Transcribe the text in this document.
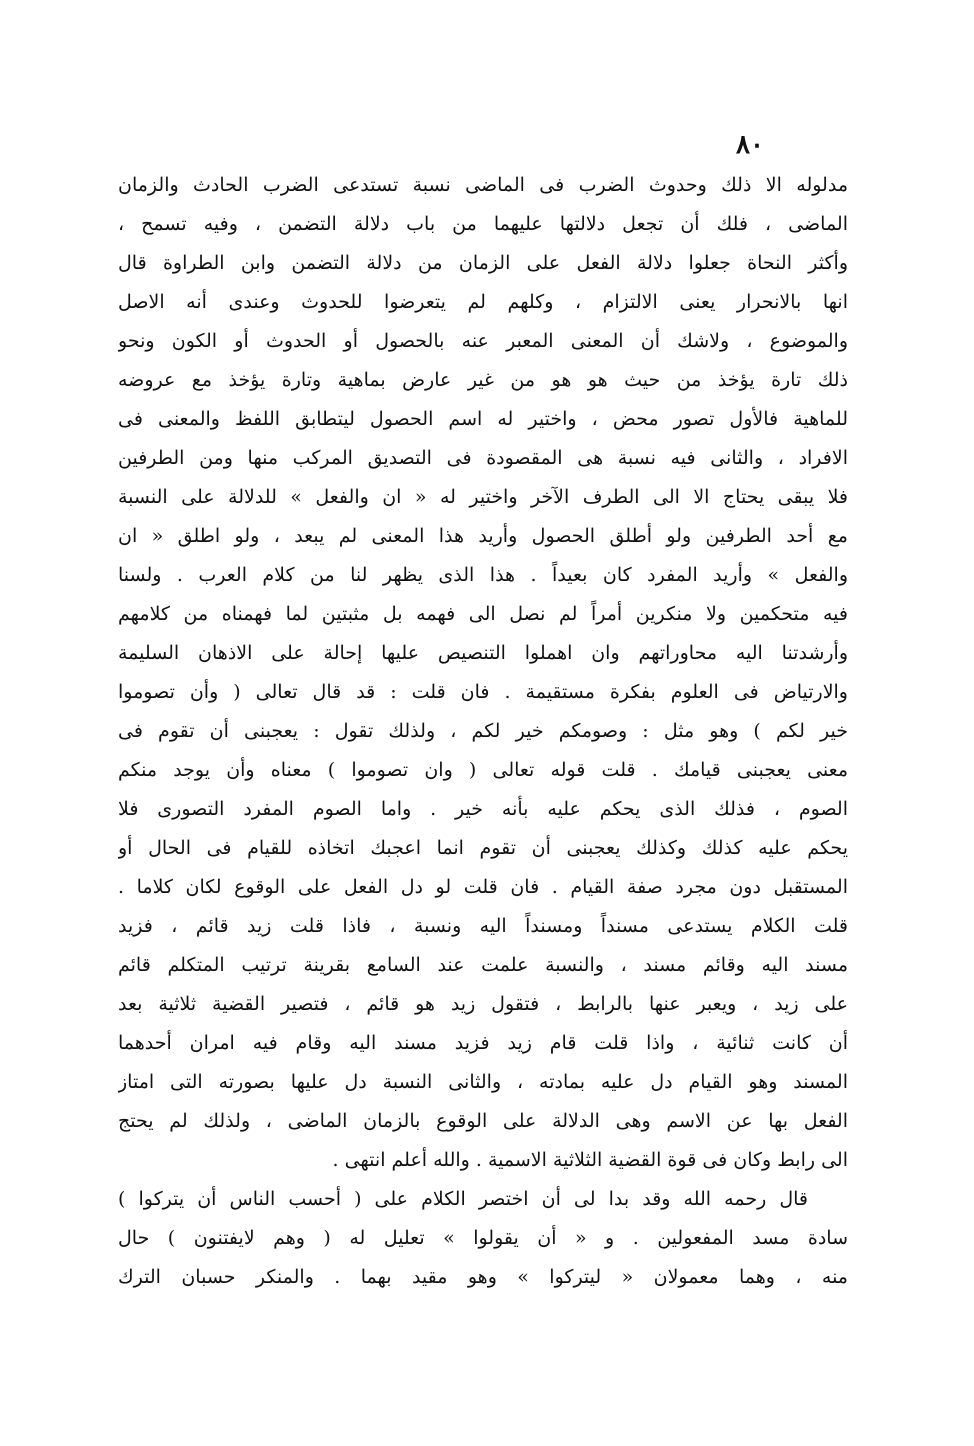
٨٠
مدلوله الا ذلك وحدوث الضرب فى الماضى نسبة تستدعى الضرب الحادث والزمان
الماضى ، فلك أن تجعل دلالتها عليهما من باب دلالة التضمن ، وفيه تسمح ،
وأكثر النحاة جعلوا دلالة الفعل على الزمان من دلالة التضمن وابن الطراوة قال
انها بالانحرار يعنى الالتزام ، وكلهم لم يتعرضوا للحدوث وعندى أنه الاصل
والموضوع ، ولاشك أن المعنى المعبر عنه بالحصول أو الحدوث أو الكون ونحو
ذلك تارة يؤخذ من حيث هو هو من غير عارض بماهية وتارة يؤخذ مع عروضه
للماهية فالأول تصور محض ، واختير له اسم الحصول ليتطابق اللفظ والمعنى فى
الافراد ، والثانى فيه نسبة هى المقصودة فى التصديق المركب منها ومن الطرفين
فلا يبقى يحتاج الا الى الطرف الآخر واختير له « ان والفعل » للدلالة على النسبة
مع أحد الطرفين ولو أطلق الحصول وأريد هذا المعنى لم يبعد ، ولو اطلق « ان
والفعل » وأريد المفرد كان بعيداً . هذا الذى يظهر لنا من كلام العرب . ولسنا
فيه متحكمين ولا منكرين أمراً لم نصل الى فهمه بل مثبتين لما فهمناه من كلامهم
وأرشدتنا اليه محاوراتهم وان اهملوا التنصيص عليها إحالة على الاذهان السليمة
والارتياض فى العلوم بفكرة مستقيمة . فان قلت : قد قال تعالى ( وأن تصوموا
خير لكم ) وهو مثل : وصومكم خير لكم ، ولذلك تقول : يعجبنى أن تقوم فى
معنى يعجبنى قيامك . قلت قوله تعالى ( وان تصوموا ) معناه وأن يوجد منكم
الصوم ، فذلك الذى يحكم عليه بأنه خير . واما الصوم المفرد التصورى فلا
يحكم عليه كذلك وكذلك يعجبنى أن تقوم انما اعجبك اتخاذه للقيام فى الحال أو
المستقبل دون مجرد صفة القيام . فان قلت لو دل الفعل على الوقوع لكان كلاما .
قلت الكلام يستدعى مسنداً ومسنداً اليه ونسبة ، فاذا قلت زيد قائم ، فزيد
مسند اليه وقائم مسند ، والنسبة علمت عند السامع بقرينة ترتيب المتكلم قائم
على زيد ، ويعبر عنها بالرابط ، فتقول زيد هو قائم ، فتصير القضية ثلاثية بعد
أن كانت ثنائية ، واذا قلت قام زيد فزيد مسند اليه وقام فيه امران أحدهما
المسند وهو القيام دل عليه بمادته ، والثانى النسبة دل عليها بصورته التى امتاز
الفعل بها عن الاسم وهى الدلالة على الوقوع بالزمان الماضى ، ولذلك لم يحتج
الى رابط وكان فى قوة القضية الثلاثية الاسمية . والله أعلم انتهى .
قال رحمه الله وقد بدا لى أن اختصر الكلام على ( أحسب الناس أن يتركوا )
سادة مسد المفعولين . و « أن يقولوا » تعليل له ( وهم لايفتنون ) حال
منه ، وهما معمولان « ليتركوا » وهو مقيد بهما . والمنكر حسبان الترك
